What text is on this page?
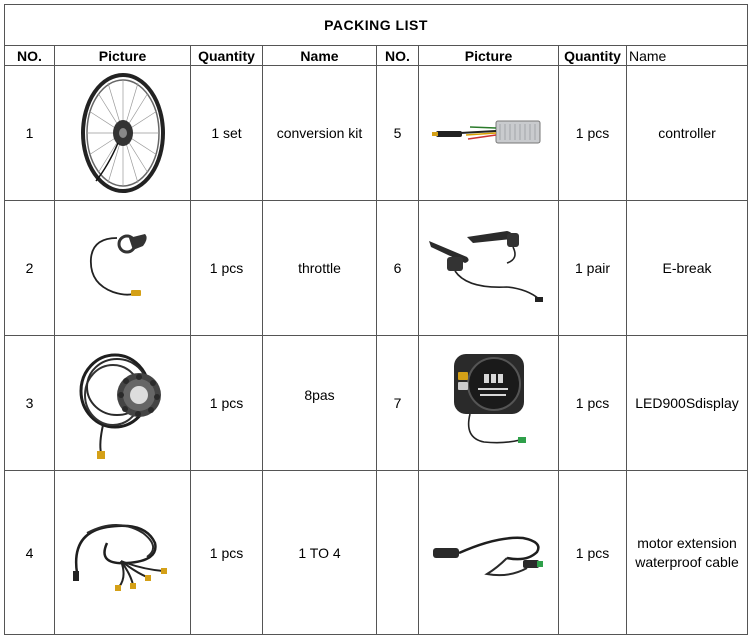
PACKING LIST							
NO.	Picture	Quantity	Name	NO.	Picture	Quantity	Name
1		1 set	conversion kit	5		1 pcs	controller
2		1 pcs	throttle	6		1 pair	E-break
3		1 pcs	8pas	7		1 pcs	LED900Sdisplay
4		1 pcs	1 TO 4			1 pcs	motor extension
waterproof cable
